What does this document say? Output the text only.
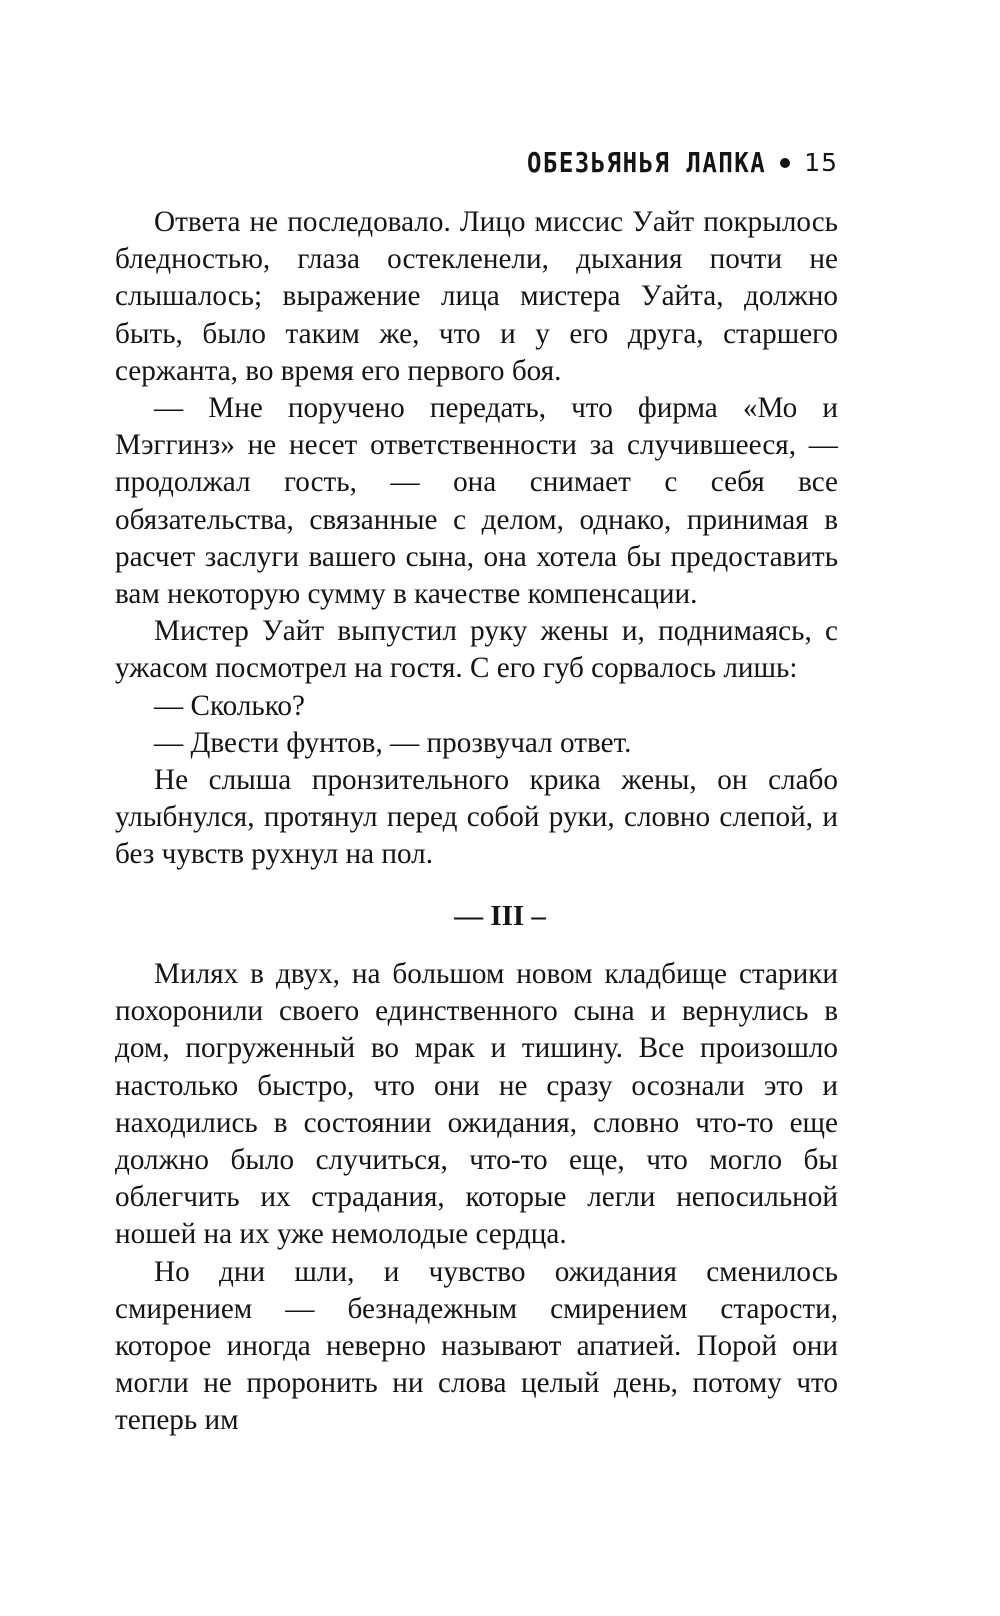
ОБЕЗЬЯНЬЯ ЛАПКА 15

Ответа не последовало. Лицо миссис Уайт покрылось бледностью, глаза остекленели, дыхания почти не слышалось; выражение лица мистера Уайта, должно быть, было таким же, что и у его друга, старшего сержанта, во время его первого боя.

— Мне поручено передать, что фирма «Мо и Мэггинз» не несет ответственности за случившееся, — продолжал гость, — она снимает с себя все обязательства, связанные с делом, однако, принимая в расчет заслуги вашего сына, она хотела бы предоставить вам некоторую сумму в качестве компенсации.

Мистер Уайт выпустил руку жены и, поднимаясь, с ужасом посмотрел на гостя. С его губ сорвалось лишь:

— Сколько?

— Двести фунтов, — прозвучал ответ.

Не слыша пронзительного крика жены, он слабо улыбнулся, протянул перед собой руки, словно слепой, и без чувств рухнул на пол.

— III –

Милях в двух, на большом новом кладбище старики похоронили своего единственного сына и вернулись в дом, погруженный во мрак и тишину. Все произошло настолько быстро, что они не сразу осознали это и находились в состоянии ожидания, словно что-то еще должно было случиться, что-то еще, что могло бы облегчить их страдания, которые легли непосильной ношей на их уже немолодые сердца.

Но дни шли, и чувство ожидания сменилось смирением — безнадежным смирением старости, которое иногда неверно называют апатией. Порой они могли не проронить ни слова целый день, потому что теперь им
